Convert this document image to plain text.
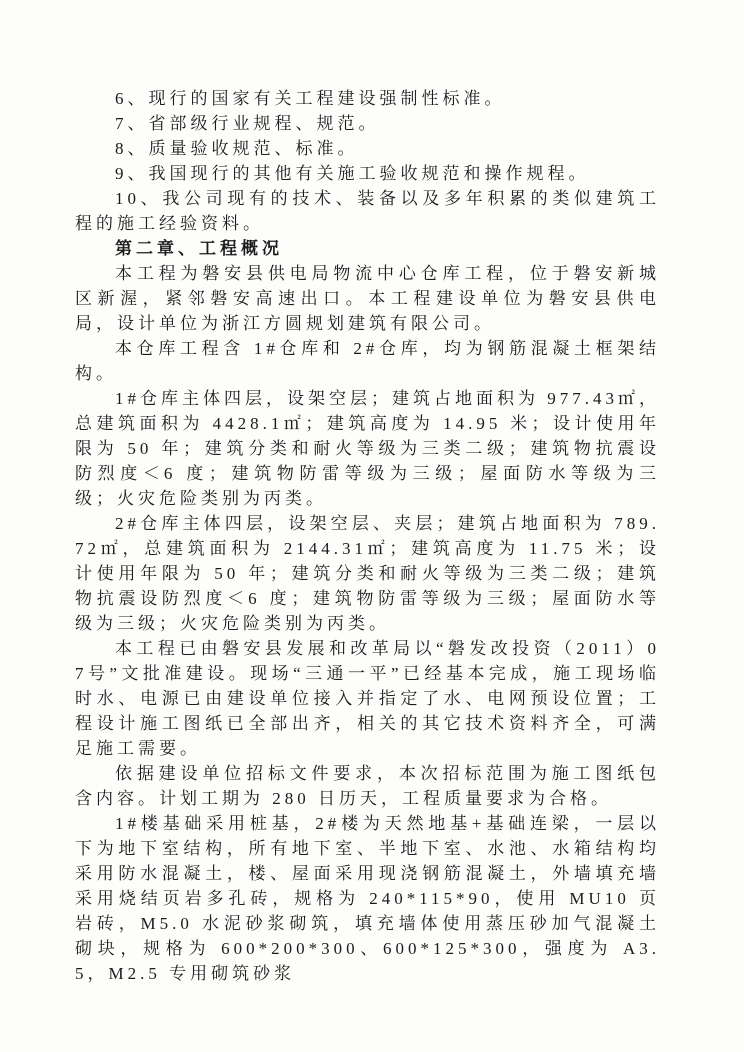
6、现行的国家有关工程建设强制性标准。

7、省部级行业规程、规范。

8、质量验收规范、标准。

9、我国现行的其他有关施工验收规范和操作规程。

10、我公司现有的技术、装备以及多年积累的类似建筑工程的施工经验资料。

第二章、工程概况

本工程为磐安县供电局物流中心仓库工程，位于磐安新城区新渥，紧邻磐安高速出口。本工程建设单位为磐安县供电局，设计单位为浙江方圆规划建筑有限公司。

本仓库工程含 1#仓库和 2#仓库，均为钢筋混凝土框架结构。

1#仓库主体四层，设架空层；建筑占地面积为 977.43㎡，总建筑面积为 4428.1㎡；建筑高度为 14.95 米；设计使用年限为 50 年；建筑分类和耐火等级为三类二级；建筑物抗震设防烈度＜6 度；建筑物防雷等级为三级；屋面防水等级为三级；火灾危险类别为丙类。

2#仓库主体四层，设架空层、夹层；建筑占地面积为 789.72㎡，总建筑面积为 2144.31㎡；建筑高度为 11.75 米；设计使用年限为 50 年；建筑分类和耐火等级为三类二级；建筑物抗震设防烈度＜6 度；建筑物防雷等级为三级；屋面防水等级为三级；火灾危险类别为丙类。

本工程已由磐安县发展和改革局以“磐发改投资（2011）07号”文批准建设。现场“三通一平”已经基本完成，施工现场临时水、电源已由建设单位接入并指定了水、电网预设位置；工程设计施工图纸已全部出齐，相关的其它技术资料齐全，可满足施工需要。

依据建设单位招标文件要求，本次招标范围为施工图纸包含内容。计划工期为 280 日历天，工程质量要求为合格。

1#楼基础采用桩基，2#楼为天然地基+基础连梁，一层以下为地下室结构，所有地下室、半地下室、水池、水箱结构均采用防水混凝土，楼、屋面采用现浇钢筋混凝土，外墙填充墙采用烧结页岩多孔砖，规格为 240*115*90，使用 MU10 页岩砖，M5.0 水泥砂浆砌筑，填充墙体使用蒸压砂加气混凝土砌块，规格为 600*200*300、600*125*300，强度为 A3.5，M2.5 专用砌筑砂浆
